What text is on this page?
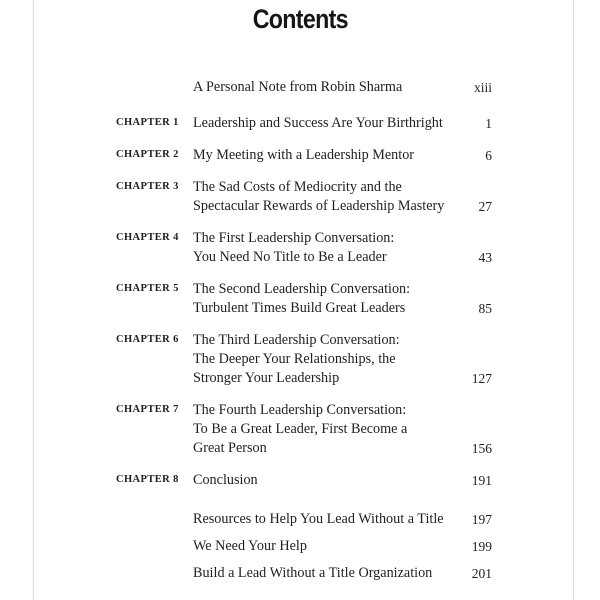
Contents
A Personal Note from Robin Sharma	xiii
CHAPTER 1 Leadership and Success Are Your Birthright	1
CHAPTER 2 My Meeting with a Leadership Mentor	6
CHAPTER 3 The Sad Costs of Mediocrity and the
Spectacular Rewards of Leadership Mastery	27
CHAPTER 4 The First Leadership Conversation:
You Need No Title to Be a Leader	43
CHAPTER 5 The Second Leadership Conversation:
Turbulent Times Build Great Leaders	85
CHAPTER 6 The Third Leadership Conversation:
The Deeper Your Relationships, the
Stronger Your Leadership	127
CHAPTER 7 The Fourth Leadership Conversation:
To Be a Great Leader, First Become a
Great Person	156
CHAPTER 8 Conclusion	191
Resources to Help You Lead Without a Title 197
We Need Your Help	199
Build a Lead Without a Title Organization	201
